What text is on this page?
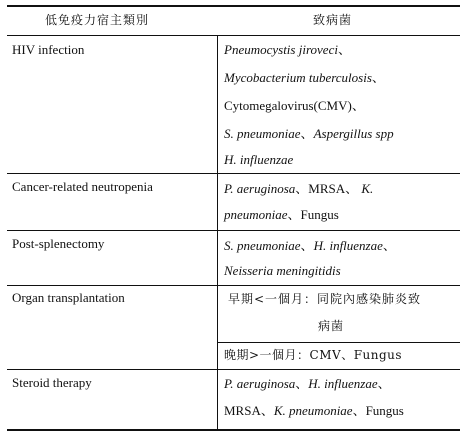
低免疫力宿主類別	致病菌
HIV infection	Pneumocystis jiroveci、
Mycobacterium tuberculosis、
Cytomegalovirus(CMV)、
S. pneumoniae、Aspergillus spp
H. influenzae
Cancer-related neutropenia	P. aeruginosa、MRSA、 K.
pneumoniae、Fungus
Post-splenectomy	S. pneumoniae、H. influenzae、
Neisseria meningitidis
Organ transplantation	早期<一個月：同院內感染肺炎致
病菌
晚期>一個月：CMV、Fungus
Steroid therapy	P. aeruginosa、H. influenzae、
MRSA、K. pneumoniae、Fungus
